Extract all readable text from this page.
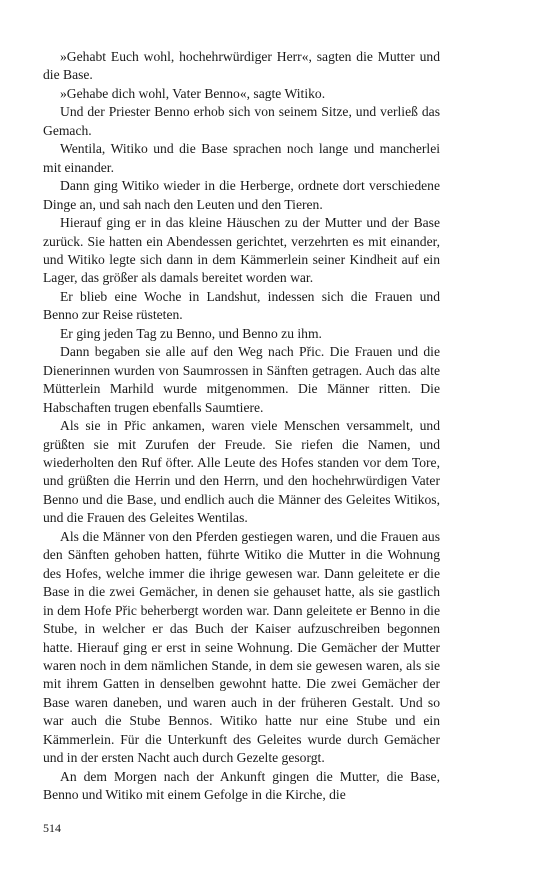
»Gehabt Euch wohl, hochehrwürdiger Herr«, sagten die Mutter und die Base.

»Gehabe dich wohl, Vater Benno«, sagte Witiko.

Und der Priester Benno erhob sich von seinem Sitze, und verließ das Gemach.

Wentila, Witiko und die Base sprachen noch lange und mancherlei mit einander.

Dann ging Witiko wieder in die Herberge, ordnete dort verschiedene Dinge an, und sah nach den Leuten und den Tieren.

Hierauf ging er in das kleine Häuschen zu der Mutter und der Base zurück. Sie hatten ein Abendessen gerichtet, verzehrten es mit einander, und Witiko legte sich dann in dem Kämmerlein seiner Kindheit auf ein Lager, das größer als damals bereitet worden war.

Er blieb eine Woche in Landshut, indessen sich die Frauen und Benno zur Reise rüsteten.

Er ging jeden Tag zu Benno, und Benno zu ihm.

Dann begaben sie alle auf den Weg nach Přic. Die Frauen und die Dienerinnen wurden von Saumrossen in Sänften getragen. Auch das alte Mütterlein Marhild wurde mitgenommen. Die Männer ritten. Die Habschaften trugen ebenfalls Saumtiere.

Als sie in Přic ankamen, waren viele Menschen versammelt, und grüßten sie mit Zurufen der Freude. Sie riefen die Namen, und wiederholten den Ruf öfter. Alle Leute des Hofes standen vor dem Tore, und grüßten die Herrin und den Herrn, und den hochehrwürdigen Vater Benno und die Base, und endlich auch die Männer des Geleites Witikos, und die Frauen des Geleites Wentilas.

Als die Männer von den Pferden gestiegen waren, und die Frauen aus den Sänften gehoben hatten, führte Witiko die Mutter in die Wohnung des Hofes, welche immer die ihrige gewesen war. Dann geleitete er die Base in die zwei Gemächer, in denen sie gehauset hatte, als sie gastlich in dem Hofe Přic beherbergt worden war. Dann geleitete er Benno in die Stube, in welcher er das Buch der Kaiser aufzuschreiben begonnen hatte. Hierauf ging er erst in seine Wohnung. Die Gemächer der Mutter waren noch in dem nämlichen Stande, in dem sie gewesen waren, als sie mit ihrem Gatten in denselben gewohnt hatte. Die zwei Gemächer der Base waren daneben, und waren auch in der früheren Gestalt. Und so war auch die Stube Bennos. Witiko hatte nur eine Stube und ein Kämmerlein. Für die Unterkunft des Geleites wurde durch Gemächer und in der ersten Nacht auch durch Gezelte gesorgt.

An dem Morgen nach der Ankunft gingen die Mutter, die Base, Benno und Witiko mit einem Gefolge in die Kirche, die

514
